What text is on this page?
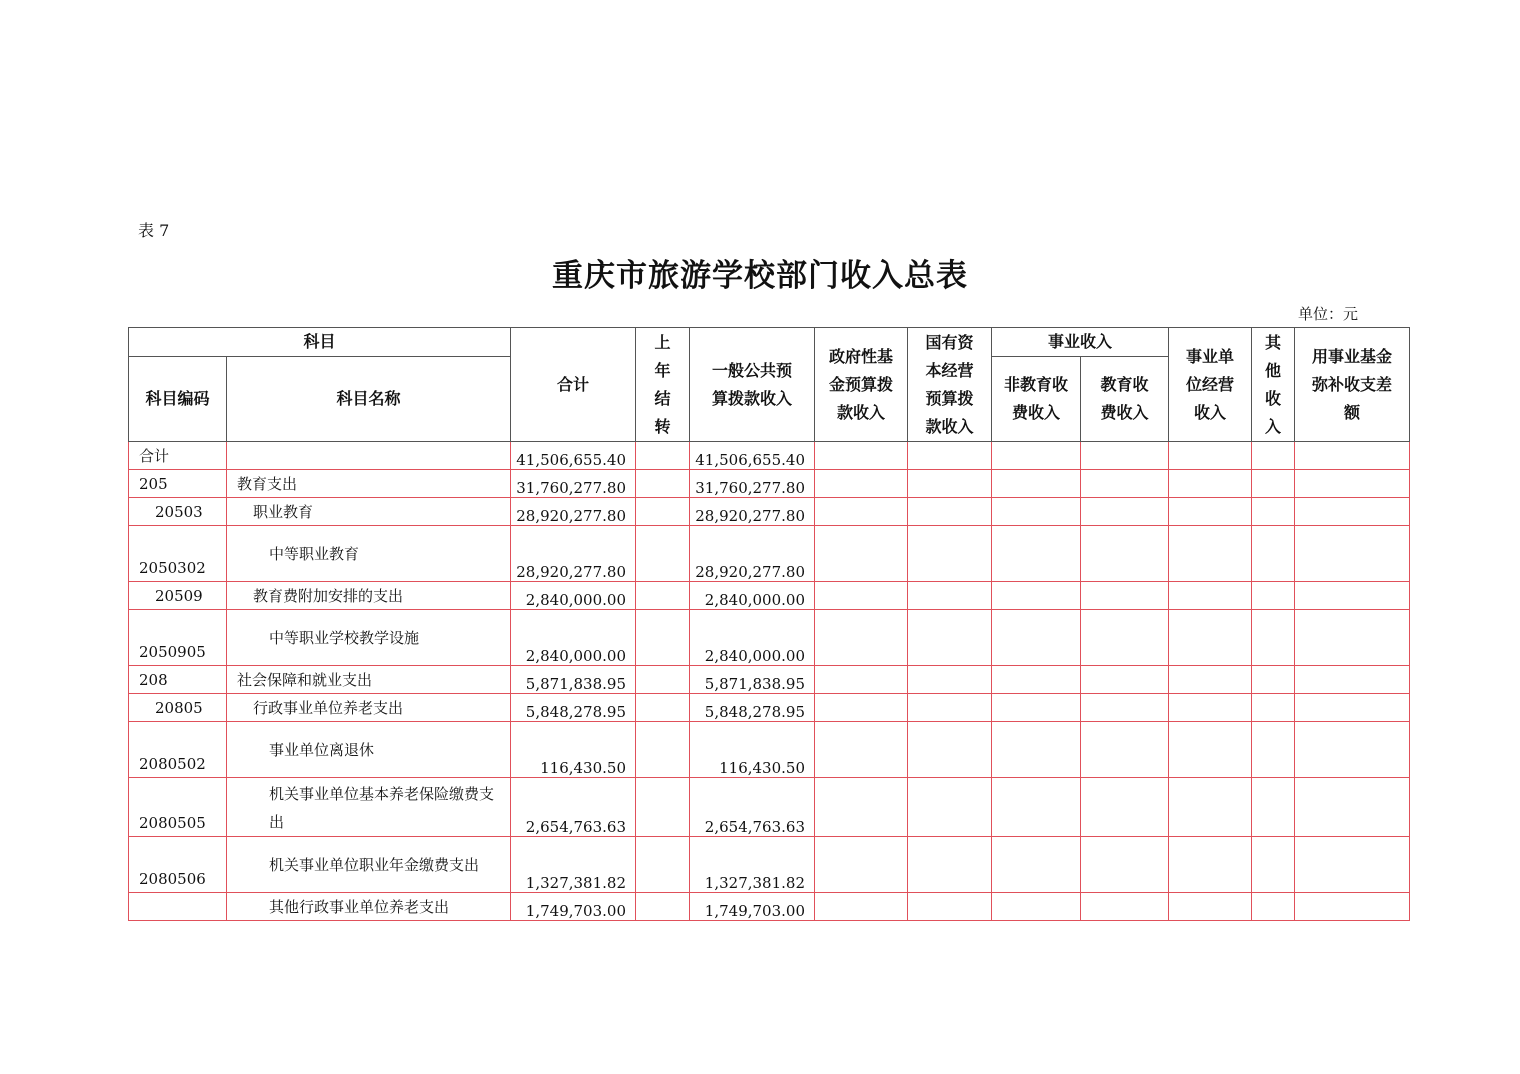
表 7
重庆市旅游学校部门收入总表
单位：元
科目		合计	上年结转	一般公共预算拨款收入	政府性基金预算拨款收入	国有资本经营预算拨款收入	事业收入		事业单位经营收入	其他收入	用事业基金弥补收支差额
科目编码	科目名称						非教育收费收入	教育收费收入			
合计		41,506,655.40		41,506,655.40							
205	教育支出	31,760,277.80		31,760,277.80							
20503	职业教育	28,920,277.80		28,920,277.80							
2050302	中等职业教育	28,920,277.80		28,920,277.80							
20509	教育费附加安排的支出	2,840,000.00		2,840,000.00							
2050905	中等职业学校教学设施	2,840,000.00		2,840,000.00							
208	社会保障和就业支出	5,871,838.95		5,871,838.95							
20805	行政事业单位养老支出	5,848,278.95		5,848,278.95							
2080502	事业单位离退休	116,430.50		116,430.50							
2080505	机关事业单位基本养老保险缴费支出	2,654,763.63		2,654,763.63							
2080506	机关事业单位职业年金缴费支出	1,327,381.82		1,327,381.82							
	其他行政事业单位养老支出	1,749,703.00		1,749,703.00							
